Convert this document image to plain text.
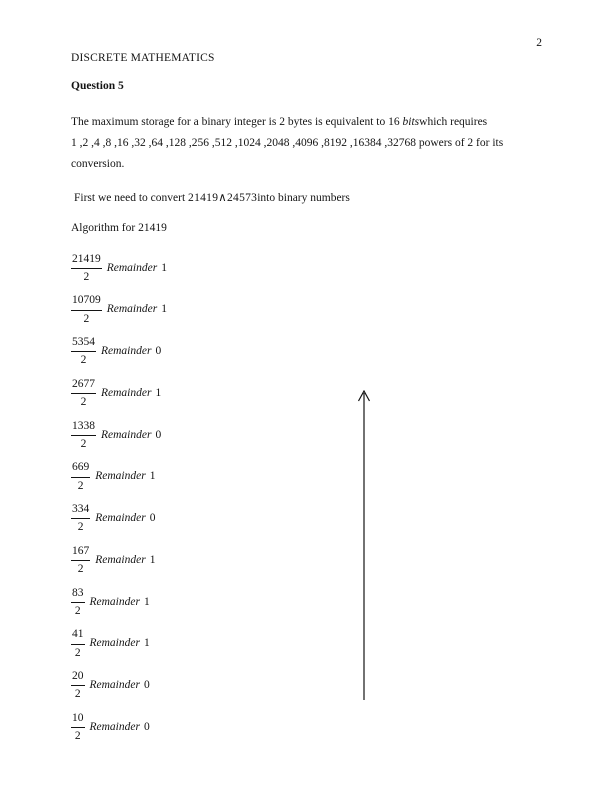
2
DISCRETE MATHEMATICS
Question 5
The maximum storage for a binary integer is 2 bytes is equivalent to 16 bitswhich requires
1 ,2 ,4 ,8 ,16 ,32 ,64 ,128 ,256 ,512 ,1024 ,2048 ,4096 ,8192 ,16384 ,32768 powers of 2 for its
conversion.
First we need to convert 21419∧24573into binary numbers
Algorithm for 21419
$\frac{21419}{2}$ Remainder 1
$\frac{10709}{2}$ Remainder 1
$\frac{5354}{2}$ Remainder 0
$\frac{2677}{2}$ Remainder 1
$\frac{1338}{2}$ Remainder 0
$\frac{669}{2}$ Remainder 1
$\frac{334}{2}$ Remainder 0
$\frac{167}{2}$ Remainder 1
$\frac{83}{2}$ Remainder 1
$\frac{41}{2}$ Remainder 1
$\frac{20}{2}$ Remainder 0
$\frac{10}{2}$ Remainder 0
